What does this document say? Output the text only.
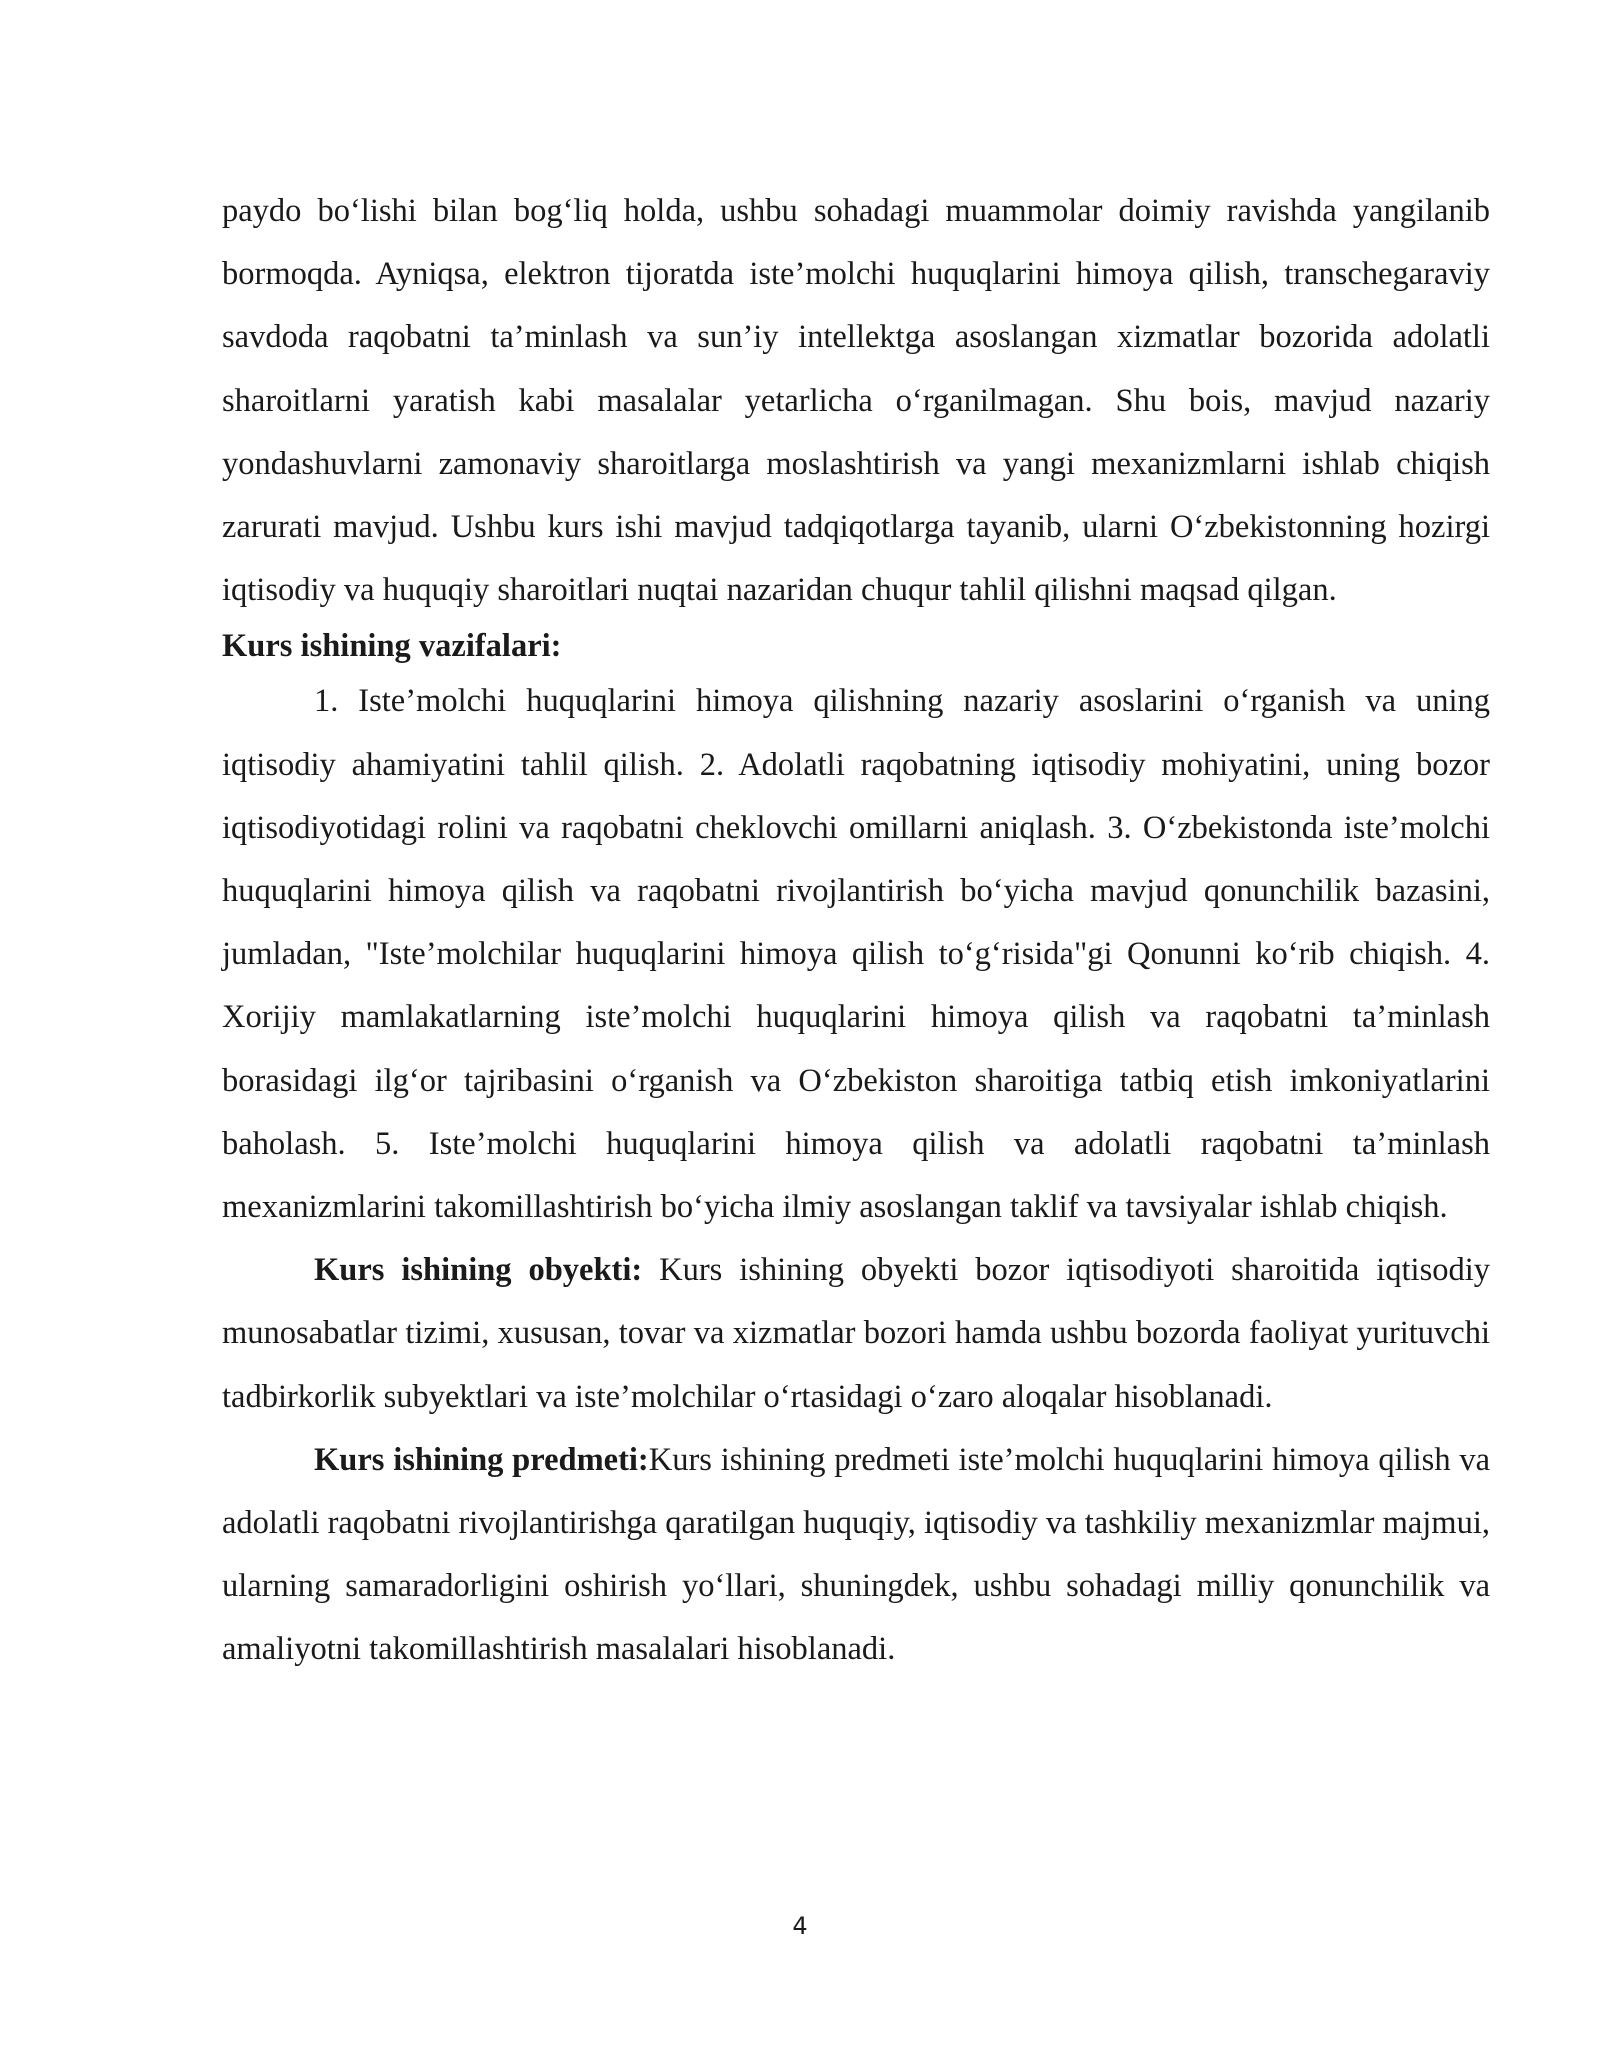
paydo bo‘lishi bilan bog‘liq holda, ushbu sohadagi muammolar doimiy ravishda yangilanib bormoqda. Ayniqsa, elektron tijoratda iste’molchi huquqlarini himoya qilish, transchegaraviy savdoda raqobatni ta’minlash va sun’iy intellektga asoslangan xizmatlar bozorida adolatli sharoitlarni yaratish kabi masalalar yetarlicha o‘rganilmagan. Shu bois, mavjud nazariy yondashuvlarni zamonaviy sharoitlarga moslashtirish va yangi mexanizmlarni ishlab chiqish zarurati mavjud. Ushbu kurs ishi mavjud tadqiqotlarga tayanib, ularni O‘zbekistonning hozirgi iqtisodiy va huquqiy sharoitlari nuqtai nazaridan chuqur tahlil qilishni maqsad qilgan.

Kurs ishining vazifalari:

1. Iste’molchi huquqlarini himoya qilishning nazariy asoslarini o‘rganish va uning iqtisodiy ahamiyatini tahlil qilish. 2. Adolatli raqobatning iqtisodiy mohiyatini, uning bozor iqtisodiyotidagi rolini va raqobatni cheklovchi omillarni aniqlash. 3. O‘zbekistonda iste’molchi huquqlarini himoya qilish va raqobatni rivojlantirish bo‘yicha mavjud qonunchilik bazasini, jumladan, "Iste’molchilar huquqlarini himoya qilish to‘g‘risida"gi Qonunni ko‘rib chiqish. 4. Xorijiy mamlakatlarning iste’molchi huquqlarini himoya qilish va raqobatni ta’minlash borasidagi ilg‘or tajribasini o‘rganish va O‘zbekiston sharoitiga tatbiq etish imkoniyatlarini baholash. 5. Iste’molchi huquqlarini himoya qilish va adolatli raqobatni ta’minlash mexanizmlarini takomillashtirish bo‘yicha ilmiy asoslangan taklif va tavsiyalar ishlab chiqish.

Kurs ishining obyekti: Kurs ishining obyekti bozor iqtisodiyoti sharoitida iqtisodiy munosabatlar tizimi, xususan, tovar va xizmatlar bozori hamda ushbu bozorda faoliyat yurituvchi tadbirkorlik subyektlari va iste’molchilar o‘rtasidagi o‘zaro aloqalar hisoblanadi.

Kurs ishining predmeti:Kurs ishining predmeti iste’molchi huquqlarini himoya qilish va adolatli raqobatni rivojlantirishga qaratilgan huquqiy, iqtisodiy va tashkiliy mexanizmlar majmui, ularning samaradorligini oshirish yo‘llari, shuningdek, ushbu sohadagi milliy qonunchilik va amaliyotni takomillashtirish masalalari hisoblanadi.

4
